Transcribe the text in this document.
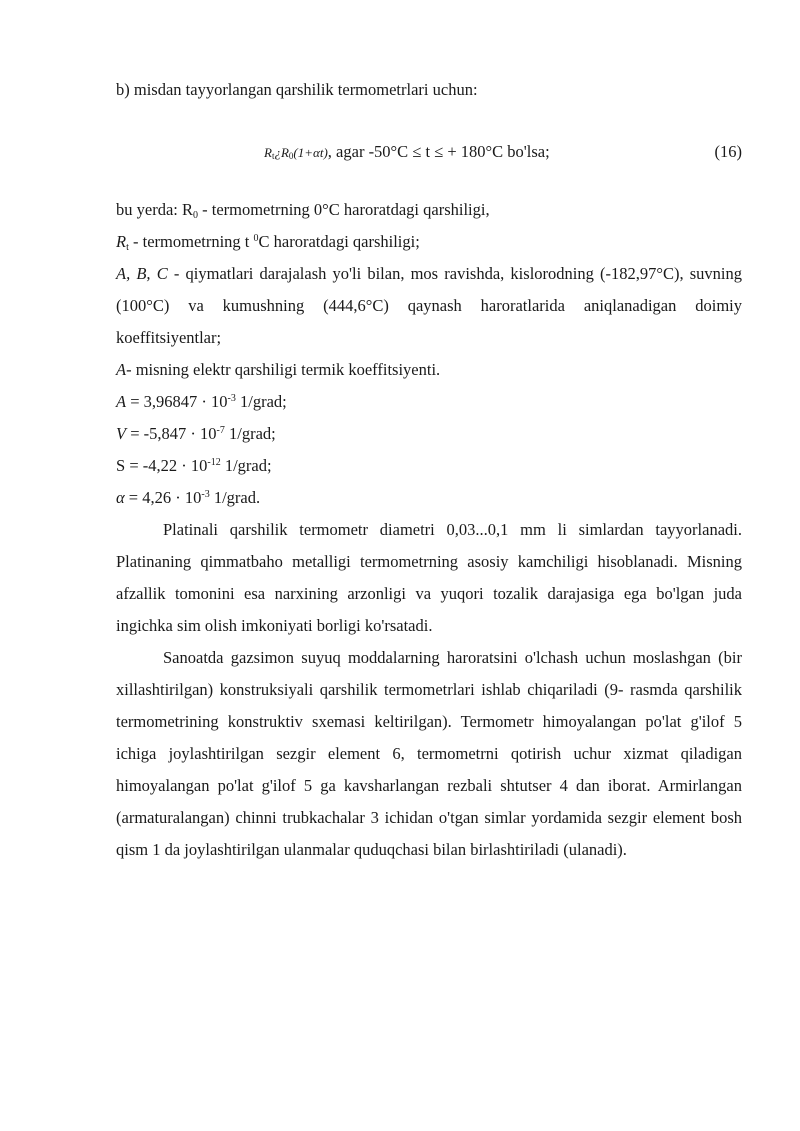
b) misdan tayyorlangan qarshilik termometrlari uchun:
$R_t¿R_0(1+\alpha t)$, agar -50°C ≤ t ≤ + 180°C bo'lsa;	(16)
bu yerda: $R_0$ - termometrning 0°C haroratdagi qarshiligi,
$R_t$ - termometrning t $^0$C haroratdagi qarshiligi;

A, B, C - qiymatlari darajalash yo'li bilan, mos ravishda, kislorodning (-182,97°C), suvning (100°C) va kumushning (444,6°C) qaynash haroratlarida aniqlanadigan doimiy koeffitsiyentlar;

A- misning elektr qarshiligi termik koeffitsiyenti.
$A = 3,96847 \cdot 10^{-3}$ 1/grad;
$V = -5,847 \cdot 10^{-7}$ 1/grad;
$S = -4,22 \cdot 10^{-12}$ 1/grad;
$\alpha = 4,26 \cdot 10^{-3}$ 1/grad.

Platinali qarshilik termometr diametri 0,03...0,1 mm li simlardan tayyorlanadi. Platinaning qimmatbaho metalligi termometrning asosiy kamchiligi hisoblanadi. Misning afzallik tomonini esa narxining arzonligi va yuqori tozalik darajasiga ega bo'lgan juda ingichka sim olish imkoniyati borligi ko'rsatadi.

Sanoatda gazsimon suyuq moddalarning haroratsini o'lchash uchun moslashgan (bir xillashtirilgan) konstruksiyali qarshilik termometrlari ishlab chiqariladi (9- rasmda qarshilik termometrining konstruktiv sxemasi keltirilgan). Termometr himoyalangan po'lat g'ilof 5 ichiga joylashtirilgan sezgir element 6, termometrni qotirish uchur xizmat qiladigan himoyalangan po'lat g'ilof 5 ga kavsharlangan rezbali shtutser 4 dan iborat. Armirlangan (armaturalangan) chinni trubkachalar 3 ichidan o'tgan simlar yordamida sezgir element bosh qism 1 da joylashtirilgan ulanmalar quduqchasi bilan birlashtiriladi (ulanadi).
